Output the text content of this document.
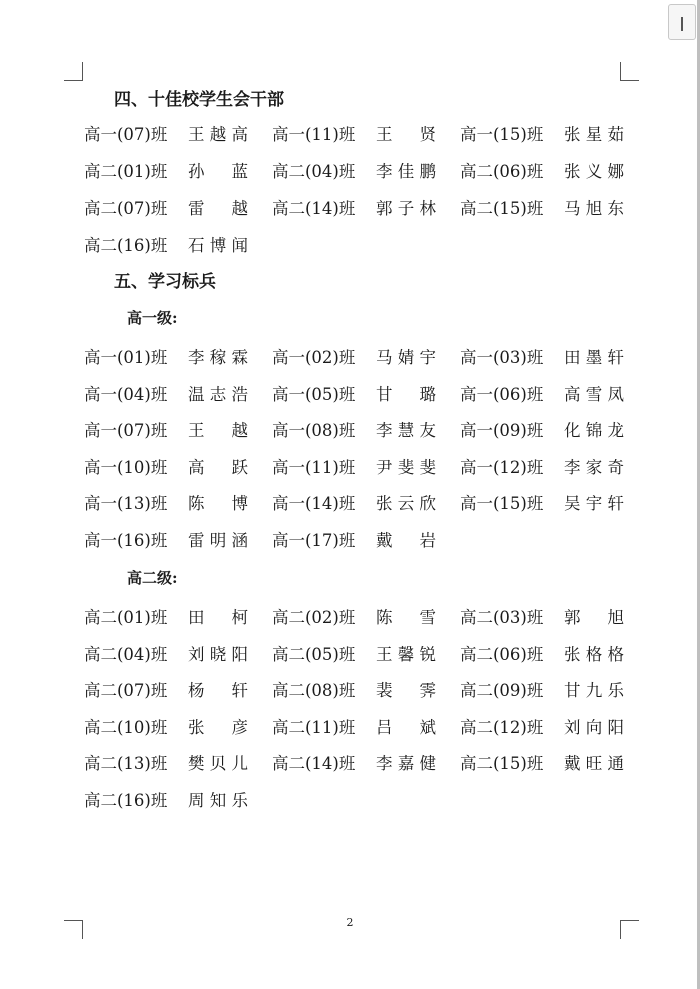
四、十佳校学生会干部
高一(07)班 王越高 高一(11)班 王 贤 高一(15)班 张星茹
高二(01)班 孙 蓝 高二(04)班 李佳鹏 高二(06)班 张义娜
高二(07)班 雷 越 高二(14)班 郭子林 高二(15)班 马旭东
高二(16)班 石博闻
五、学习标兵
高一级:
高一(01)班 李稼霖 高一(02)班 马婧宇 高一(03)班 田墨轩
高一(04)班 温志浩 高一(05)班 甘 璐 高一(06)班 高雪凤
高一(07)班 王 越 高一(08)班 李慧友 高一(09)班 化锦龙
高一(10)班 高 跃 高一(11)班 尹斐斐 高一(12)班 李家奇
高一(13)班 陈 博 高一(14)班 张云欣 高一(15)班 吴宇轩
高一(16)班 雷明涵 高一(17)班 戴 岩
高二级:
高二(01)班 田 柯 高二(02)班 陈 雪 高二(03)班 郭 旭
高二(04)班 刘晓阳 高二(05)班 王馨锐 高二(06)班 张格格
高二(07)班 杨 轩 高二(08)班 裴 霁 高二(09)班 甘九乐
高二(10)班 张 彦 高二(11)班 吕 斌 高二(12)班 刘向阳
高二(13)班 樊贝儿 高二(14)班 李嘉健 高二(15)班 戴旺通
高二(16)班 周知乐
2
